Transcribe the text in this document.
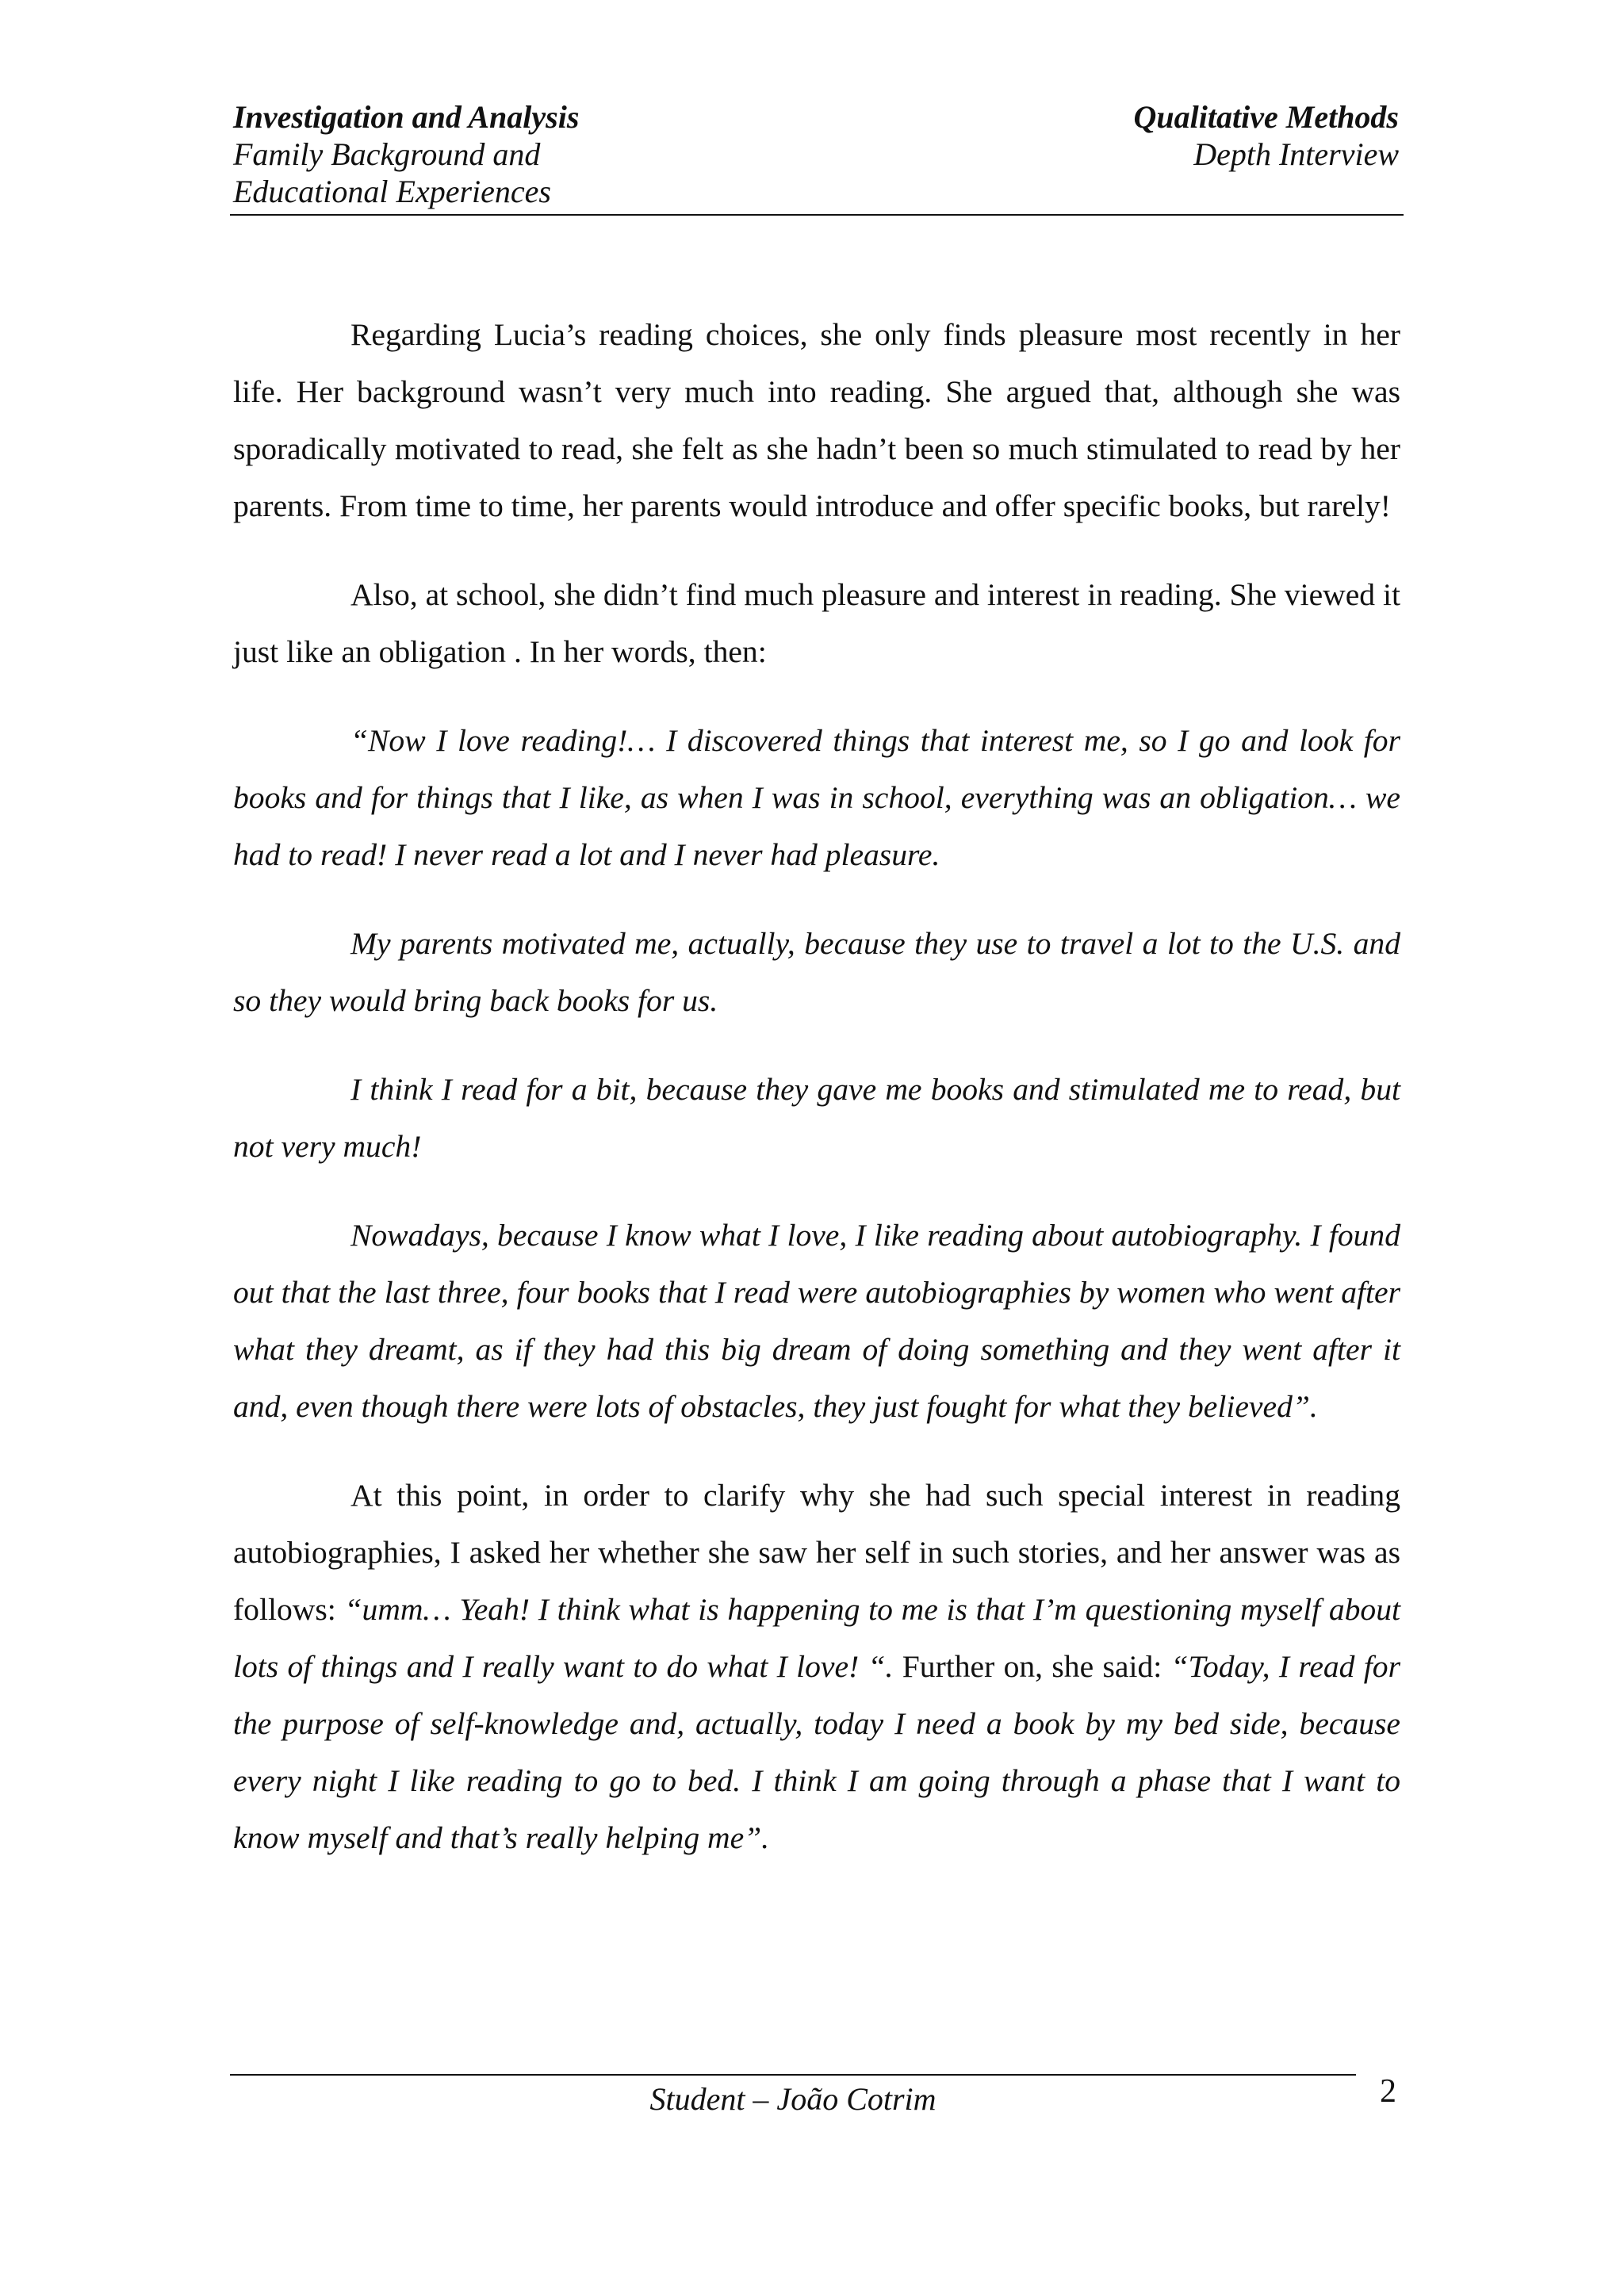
Investigation and Analysis
Family Background and
Educational Experiences
Qualitative Methods
Depth Interview

Regarding Lucia’s reading choices, she only finds pleasure most recently in her life. Her background wasn’t very much into reading. She argued that, although she was sporadically motivated to read, she felt as she hadn’t been so much stimulated to read by her parents. From time to time, her parents would introduce and offer specific books, but rarely!

Also, at school, she didn’t find much pleasure and interest in reading. She viewed it just like an obligation . In her words, then:

“Now I love reading!… I discovered things that interest me, so I go and look for books and for things that I like, as when I was in school, everything was an obligation… we had to read! I never read a lot and I never had pleasure.

My parents motivated me, actually, because they use to travel a lot to the U.S. and so they would bring back books for us.

I think I read for a bit, because they gave me books and stimulated me to read, but not very much!

Nowadays, because I know what I love, I like reading about autobiography. I found out that the last three, four books that I read were autobiographies by women who went after what they dreamt, as if they had this big dream of doing something and they went after it and, even though there were lots of obstacles, they just fought for what they believed”.

At this point, in order to clarify why she had such special interest in reading autobiographies, I asked her whether she saw her self in such stories, and her answer was as follows: “umm… Yeah! I think what is happening to me is that I’m questioning myself about lots of things and I really want to do what I love! “. Further on, she said: “Today, I read for the purpose of self-knowledge and, actually, today I need a book by my bed side, because every night I like reading to go to bed. I think I am going through a phase that I want to know myself and that’s really helping me”.

Student – João Cotrim	2
